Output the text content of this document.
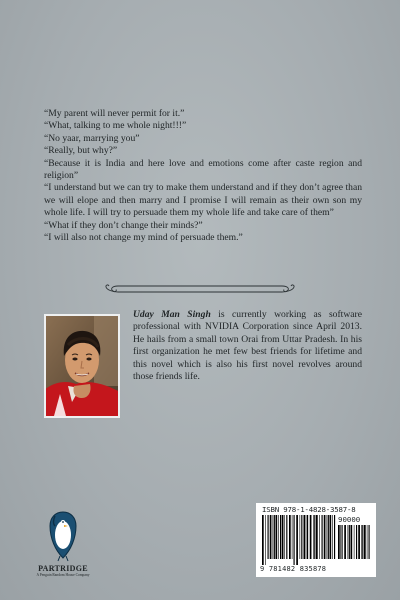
“My parent will never permit for it.”

“What, talking to me whole night!!!”

“No yaar, marrying you”

“Really, but why?”

“Because it is India and here love and emotions come after caste region and religion”

“I understand but we can try to make them understand and if they don’t agree than we will elope and then marry and I promise I will remain as their own son my whole life. I will try to persuade them my whole life and take care of them”

“What if they don’t change their minds?”

“I will also not change my mind of persuade them.”

Uday Man Singh is currently working as software professional with NVIDIA Corporation since April 2013. He hails from a small town Orai from Uttar Pradesh. In his first organization he met few best friends for lifetime and this novel which is also his first novel revolves around those friends life.
PARTRIDGE
A Penguin Random House Company
ISBN 978-1-4828-3587-8
90000
9 781482 835878
